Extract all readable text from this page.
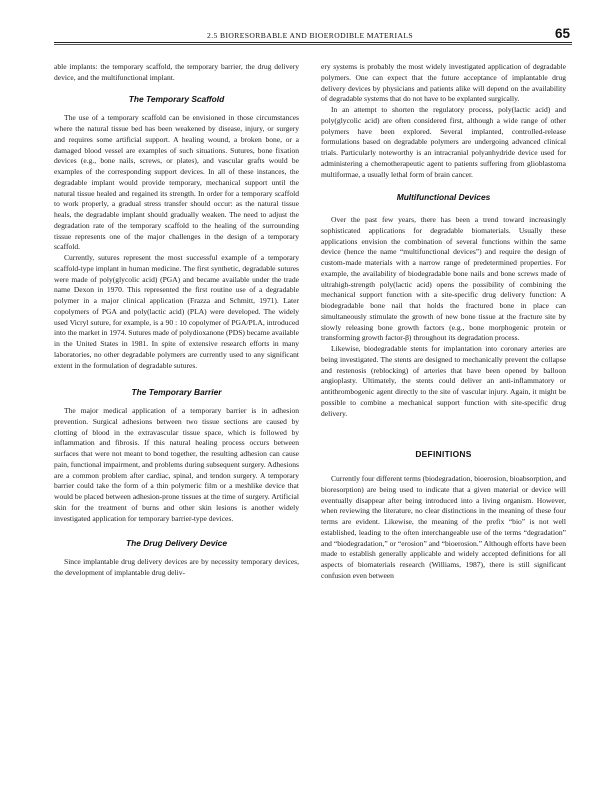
2.5 BIORESORBABLE AND BIOERODIBLE MATERIALS	65

able implants: the temporary scaffold, the temporary barrier, the drug delivery device, and the multifunctional implant.

The Temporary Scaffold

The use of a temporary scaffold can be envisioned in those circumstances where the natural tissue bed has been weakened by disease, injury, or surgery and requires some artificial support. A healing wound, a broken bone, or a damaged blood vessel are examples of such situations. Sutures, bone fixation devices (e.g., bone nails, screws, or plates), and vascular grafts would be examples of the corresponding support devices. In all of these instances, the degradable implant would provide temporary, mechanical support until the natural tissue healed and regained its strength. In order for a temporary scaffold to work properly, a gradual stress transfer should occur: as the natural tissue heals, the degradable implant should gradually weaken. The need to adjust the degradation rate of the temporary scaffold to the healing of the surrounding tissue represents one of the major challenges in the design of a temporary scaffold.

Currently, sutures represent the most successful example of a temporary scaffold-type implant in human medicine. The first synthetic, degradable sutures were made of poly(glycolic acid) (PGA) and became available under the trade name Dexon in 1970. This represented the first routine use of a degradable polymer in a major clinical application (Frazza and Schmitt, 1971). Later copolymers of PGA and poly(lactic acid) (PLA) were developed. The widely used Vicryl suture, for example, is a 90 : 10 copolymer of PGA/PLA, introduced into the market in 1974. Sutures made of polydioxanone (PDS) became available in the United States in 1981. In spite of extensive research efforts in many laboratories, no other degradable polymers are currently used to any significant extent in the formulation of degradable sutures.

The Temporary Barrier

The major medical application of a temporary barrier is in adhesion prevention. Surgical adhesions between two tissue sections are caused by clotting of blood in the extravascular tissue space, which is followed by inflammation and fibrosis. If this natural healing process occurs between surfaces that were not meant to bond together, the resulting adhesion can cause pain, functional impairment, and problems during subsequent surgery. Adhesions are a common problem after cardiac, spinal, and tendon surgery. A temporary barrier could take the form of a thin polymeric film or a meshlike device that would be placed between adhesion-prone tissues at the time of surgery. Artificial skin for the treatment of burns and other skin lesions is another widely investigated application for temporary barrier-type devices.

The Drug Delivery Device

Since implantable drug delivery devices are by necessity temporary devices, the development of implantable drug deliv-

ery systems is probably the most widely investigated application of degradable polymers. One can expect that the future acceptance of implantable drug delivery devices by physicians and patients alike will depend on the availability of degradable systems that do not have to be explanted surgically.

In an attempt to shorten the regulatory process, poly(lactic acid) and poly(glycolic acid) are often considered first, although a wide range of other polymers have been explored. Several implanted, controlled-release formulations based on degradable polymers are undergoing advanced clinical trials. Particularly noteworthy is an intracranial polyanhydride device used for administering a chemotherapeutic agent to patients suffering from glioblastoma multiformae, a usually lethal form of brain cancer.

Multifunctional Devices

Over the past few years, there has been a trend toward increasingly sophisticated applications for degradable biomaterials. Usually these applications envision the combination of several functions within the same device (hence the name “multifunctional devices”) and require the design of custom-made materials with a narrow range of predetermined properties. For example, the availability of biodegradable bone nails and bone screws made of ultrahigh-strength poly(lactic acid) opens the possibility of combining the mechanical support function with a site-specific drug delivery function: A biodegradable bone nail that holds the fractured bone in place can simultaneously stimulate the growth of new bone tissue at the fracture site by slowly releasing bone growth factors (e.g., bone morphogenic protein or transforming growth factor-β) throughout its degradation process.

Likewise, biodegradable stents for implantation into coronary arteries are being investigated. The stents are designed to mechanically prevent the collapse and restenosis (reblocking) of arteries that have been opened by balloon angioplasty. Ultimately, the stents could deliver an anti-inflammatory or antithrombogenic agent directly to the site of vascular injury. Again, it might be possible to combine a mechanical support function with site-specific drug delivery.

DEFINITIONS

Currently four different terms (biodegradation, bioerosion, bioabsorption, and bioresorption) are being used to indicate that a given material or device will eventually disappear after being introduced into a living organism. However, when reviewing the literature, no clear distinctions in the meaning of these four terms are evident. Likewise, the meaning of the prefix “bio” is not well established, leading to the often interchangeable use of the terms “degradation” and “biodegradation,” or “erosion” and “bioerosion.” Although efforts have been made to establish generally applicable and widely accepted definitions for all aspects of biomaterials research (Williams, 1987), there is still significant confusion even between
